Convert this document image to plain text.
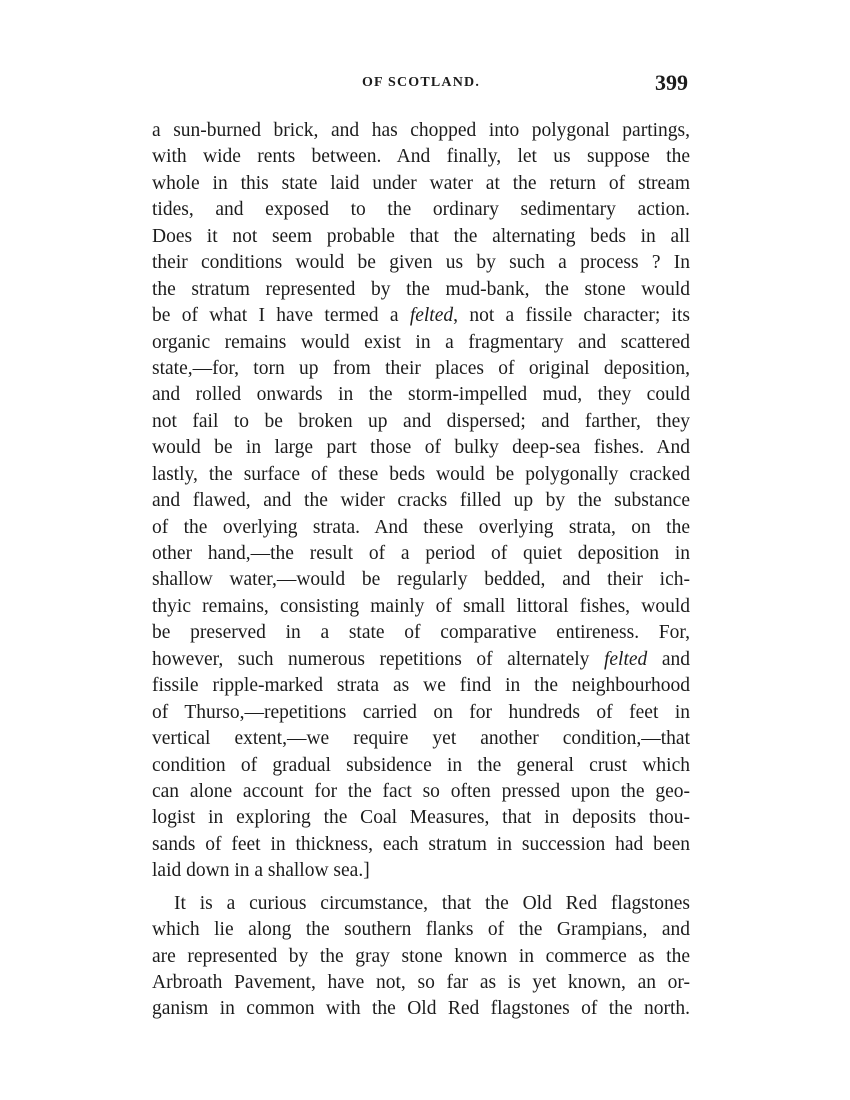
OF SCOTLAND.	399
a sun-burned brick, and has chopped into polygonal partings,
with wide rents between. And finally, let us suppose the
whole in this state laid under water at the return of stream
tides, and exposed to the ordinary sedimentary action.
Does it not seem probable that the alternating beds in all
their conditions would be given us by such a process ? In
the stratum represented by the mud-bank, the stone would
be of what I have termed a felted, not a fissile character; its
organic remains would exist in a fragmentary and scattered
state,—for, torn up from their places of original deposition,
and rolled onwards in the storm-impelled mud, they could
not fail to be broken up and dispersed; and farther, they
would be in large part those of bulky deep-sea fishes. And
lastly, the surface of these beds would be polygonally cracked
and flawed, and the wider cracks filled up by the substance
of the overlying strata. And these overlying strata, on the
other hand,—the result of a period of quiet deposition in
shallow water,—would be regularly bedded, and their ich-
thyic remains, consisting mainly of small littoral fishes, would
be preserved in a state of comparative entireness. For,
however, such numerous repetitions of alternately felted and
fissile ripple-marked strata as we find in the neighbourhood
of Thurso,—repetitions carried on for hundreds of feet in
vertical extent,—we require yet another condition,—that
condition of gradual subsidence in the general crust which
can alone account for the fact so often pressed upon the geo-
logist in exploring the Coal Measures, that in deposits thou-
sands of feet in thickness, each stratum in succession had been
laid down in a shallow sea.]
It is a curious circumstance, that the Old Red flagstones
which lie along the southern flanks of the Grampians, and
are represented by the gray stone known in commerce as the
Arbroath Pavement, have not, so far as is yet known, an or-
ganism in common with the Old Red flagstones of the north.
